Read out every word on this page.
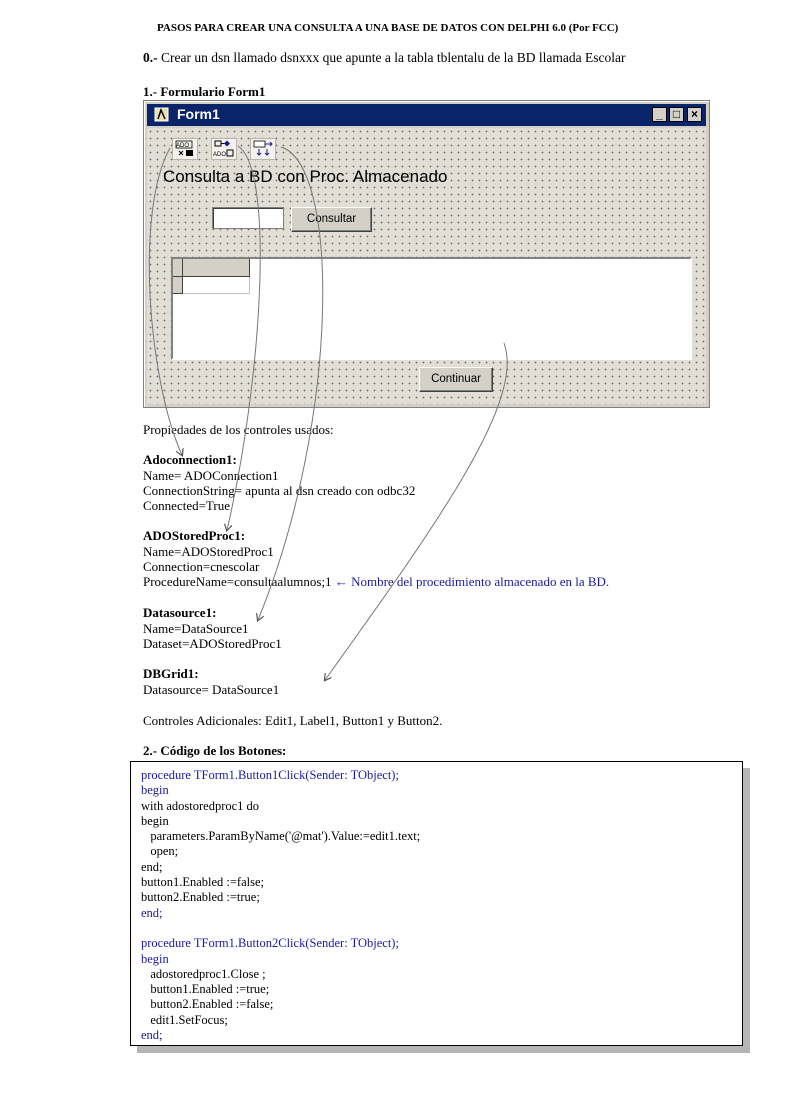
PASOS PARA CREAR UNA CONSULTA A UNA BASE DE DATOS CON DELPHI 6.0 (Por FCC)
0.- Crear un dsn llamado dsnxxx que apunte a la tabla tblentalu de la BD llamada Escolar
1.- Formulario Form1
Form1	_ □ ×
ADO
ADO
Consulta a BD con Proc. Almacenado
Consultar
Continuar
Propiedades de los controles usados:
Adoconnection1:
Name= ADOConnection1
ConnectionString= apunta al dsn creado con odbc32
Connected=True
ADOStoredProc1:
Name=ADOStoredProc1
Connection=cnescolar
ProcedureName=consultaalumnos;1 ← Nombre del procedimiento almacenado en la BD.
Datasource1:
Name=DataSource1
Dataset=ADOStoredProc1
DBGrid1:
Datasource= DataSource1
Controles Adicionales: Edit1, Label1, Button1 y Button2.
2.- Código de los Botones:
procedure TForm1.Button1Click(Sender: TObject);
begin
with adostoredproc1 do
begin
parameters.ParamByName('@mat').Value:=edit1.text;
open;
end;
button1.Enabled :=false;
button2.Enabled :=true;
end;
procedure TForm1.Button2Click(Sender: TObject);
begin
adostoredproc1.Close ;
button1.Enabled :=true;
button2.Enabled :=false;
edit1.SetFocus;
end;
